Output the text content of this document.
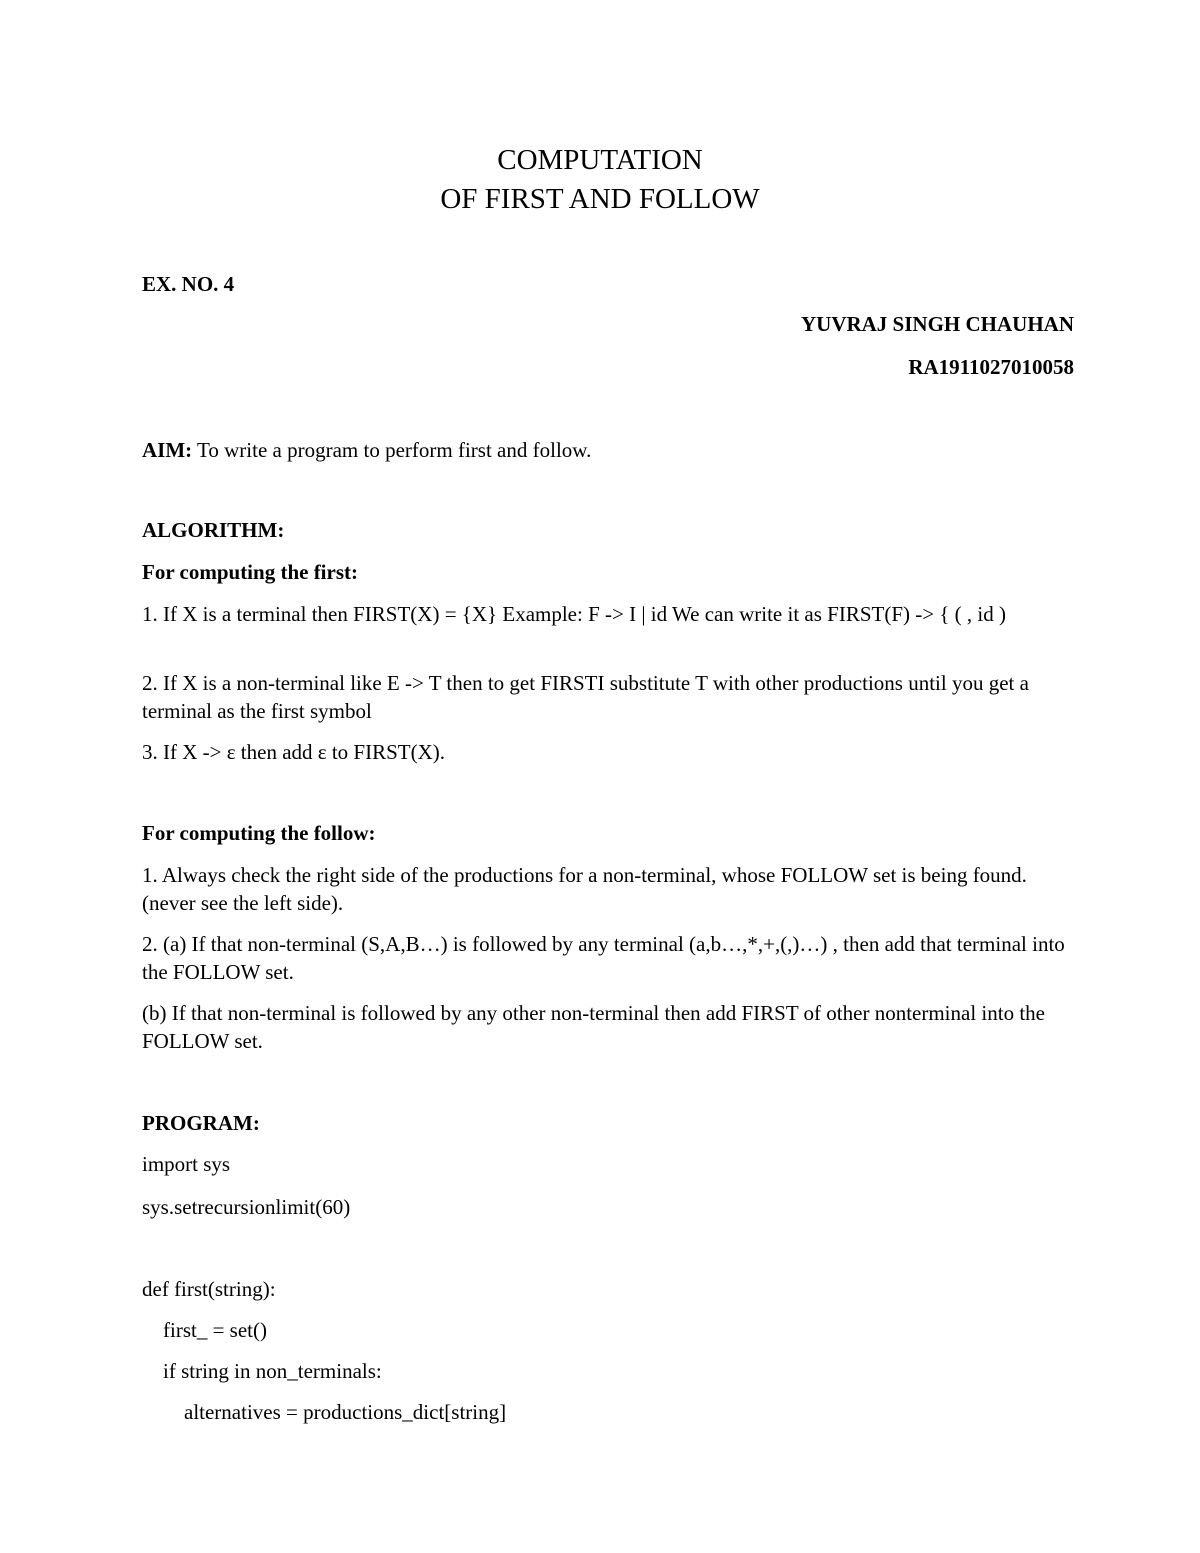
COMPUTATION
OF FIRST AND FOLLOW
EX. NO. 4
YUVRAJ SINGH CHAUHAN
RA1911027010058
AIM: To write a program to perform first and follow.
ALGORITHM:
For computing the first:
1. If X is a terminal then FIRST(X) = {X} Example: F -> I | id We can write it as FIRST(F) -> { ( , id )
2. If X is a non-terminal like E -> T then to get FIRSTI substitute T with other productions until you get a terminal as the first symbol
3. If X -> ε then add ε to FIRST(X).
For computing the follow:
1. Always check the right side of the productions for a non-terminal, whose FOLLOW set is being found. (never see the left side).
2. (a) If that non-terminal (S,A,B…) is followed by any terminal (a,b…,*,+,(,)…) , then add that terminal into the FOLLOW set.
(b) If that non-terminal is followed by any other non-terminal then add FIRST of other nonterminal into the FOLLOW set.
PROGRAM:
import sys
sys.setrecursionlimit(60)
def first(string):
first_ = set()
if string in non_terminals:
alternatives = productions_dict[string]
